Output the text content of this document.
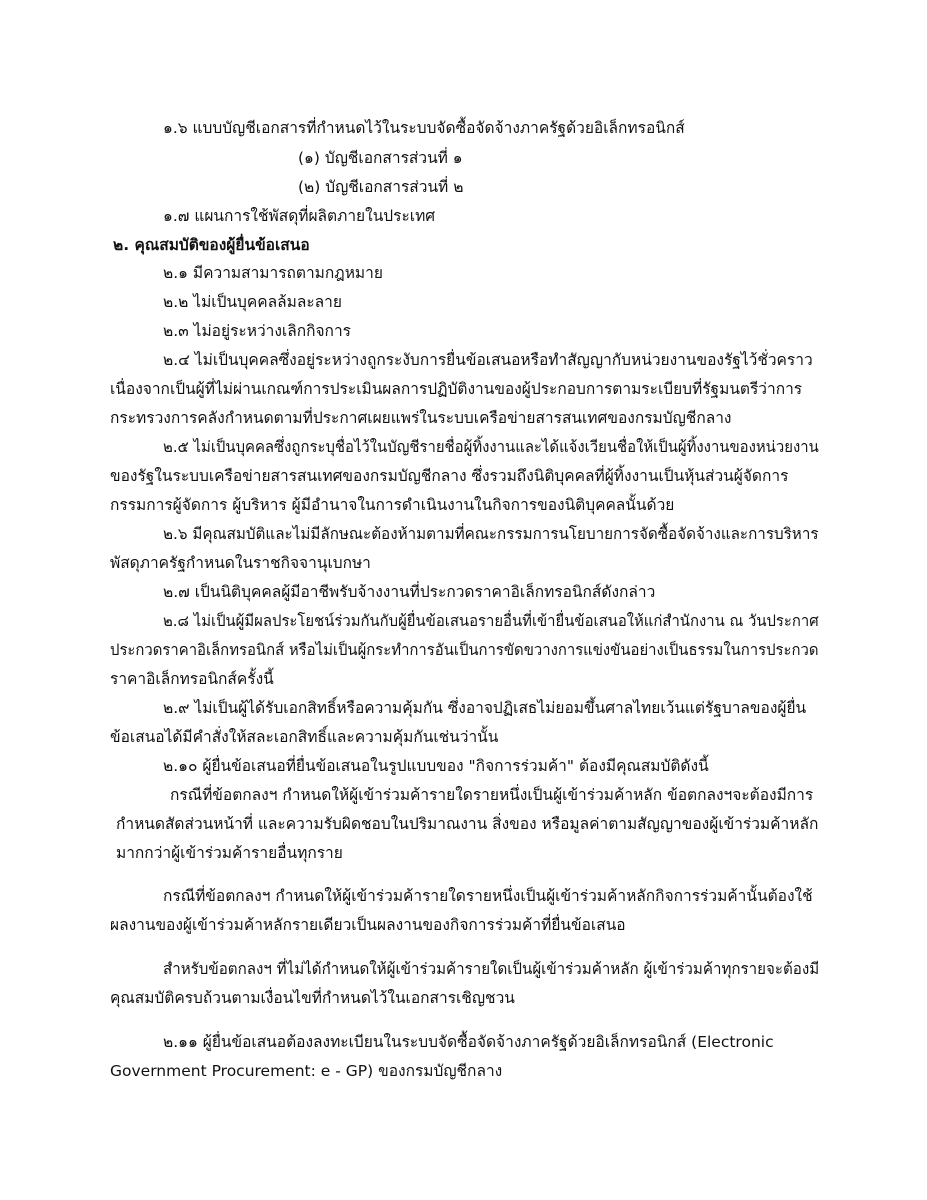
๑.๖ แบบบัญชีเอกสารที่กำหนดไว้ในระบบจัดซื้อจัดจ้างภาครัฐด้วยอิเล็กทรอนิกส์
(๑) บัญชีเอกสารส่วนที่ ๑
(๒) บัญชีเอกสารส่วนที่ ๒
๑.๗ แผนการใช้พัสดุที่ผลิตภายในประเทศ
๒. คุณสมบัติของผู้ยื่นข้อเสนอ
๒.๑ มีความสามารถตามกฎหมาย
๒.๒ ไม่เป็นบุคคลล้มละลาย
๒.๓ ไม่อยู่ระหว่างเลิกกิจการ
๒.๔ ไม่เป็นบุคคลซึ่งอยู่ระหว่างถูกระงับการยื่นข้อเสนอหรือทำสัญญากับหน่วยงานของรัฐไว้ชั่วคราว
เนื่องจากเป็นผู้ที่ไม่ผ่านเกณฑ์การประเมินผลการปฏิบัติงานของผู้ประกอบการตามระเบียบที่รัฐมนตรีว่าการ
กระทรวงการคลังกำหนดตามที่ประกาศเผยแพร่ในระบบเครือข่ายสารสนเทศของกรมบัญชีกลาง
๒.๕ ไม่เป็นบุคคลซึ่งถูกระบุชื่อไว้ในบัญชีรายชื่อผู้ทิ้งงานและได้แจ้งเวียนชื่อให้เป็นผู้ทิ้งงานของหน่วยงาน
ของรัฐในระบบเครือข่ายสารสนเทศของกรมบัญชีกลาง ซึ่งรวมถึงนิติบุคคลที่ผู้ทิ้งงานเป็นหุ้นส่วนผู้จัดการ
กรรมการผู้จัดการ ผู้บริหาร ผู้มีอำนาจในการดำเนินงานในกิจการของนิติบุคคลนั้นด้วย
๒.๖ มีคุณสมบัติและไม่มีลักษณะต้องห้ามตามที่คณะกรรมการนโยบายการจัดซื้อจัดจ้างและการบริหาร
พัสดุภาครัฐกำหนดในราชกิจจานุเบกษา
๒.๗ เป็นนิติบุคคลผู้มีอาชีพรับจ้างงานที่ประกวดราคาอิเล็กทรอนิกส์ดังกล่าว
๒.๘ ไม่เป็นผู้มีผลประโยชน์ร่วมกันกับผู้ยื่นข้อเสนอรายอื่นที่เข้ายื่นข้อเสนอให้แก่สำนักงาน ณ วันประกาศ
ประกวดราคาอิเล็กทรอนิกส์ หรือไม่เป็นผู้กระทำการอันเป็นการขัดขวางการแข่งขันอย่างเป็นธรรมในการประกวด
ราคาอิเล็กทรอนิกส์ครั้งนี้
๒.๙ ไม่เป็นผู้ได้รับเอกสิทธิ์หรือความคุ้มกัน ซึ่งอาจปฏิเสธไม่ยอมขึ้นศาลไทยเว้นแต่รัฐบาลของผู้ยื่น
ข้อเสนอได้มีคำสั่งให้สละเอกสิทธิ์และความคุ้มกันเช่นว่านั้น
๒.๑๐ ผู้ยื่นข้อเสนอที่ยื่นข้อเสนอในรูปแบบของ "กิจการร่วมค้า" ต้องมีคุณสมบัติดังนี้
กรณีที่ข้อตกลงฯ กำหนดให้ผู้เข้าร่วมค้ารายใดรายหนึ่งเป็นผู้เข้าร่วมค้าหลัก ข้อตกลงฯจะต้องมีการ
กำหนดสัดส่วนหน้าที่ และความรับผิดชอบในปริมาณงาน สิ่งของ หรือมูลค่าตามสัญญาของผู้เข้าร่วมค้าหลัก
มากกว่าผู้เข้าร่วมค้ารายอื่นทุกราย
กรณีที่ข้อตกลงฯ กำหนดให้ผู้เข้าร่วมค้ารายใดรายหนึ่งเป็นผู้เข้าร่วมค้าหลักกิจการร่วมค้านั้นต้องใช้
ผลงานของผู้เข้าร่วมค้าหลักรายเดียวเป็นผลงานของกิจการร่วมค้าที่ยื่นข้อเสนอ
สำหรับข้อตกลงฯ ที่ไม่ได้กำหนดให้ผู้เข้าร่วมค้ารายใดเป็นผู้เข้าร่วมค้าหลัก ผู้เข้าร่วมค้าทุกรายจะต้องมี
คุณสมบัติครบถ้วนตามเงื่อนไขที่กำหนดไว้ในเอกสารเชิญชวน
๒.๑๑ ผู้ยื่นข้อเสนอต้องลงทะเบียนในระบบจัดซื้อจัดจ้างภาครัฐด้วยอิเล็กทรอนิกส์ (Electronic
Government Procurement: e - GP) ของกรมบัญชีกลาง
